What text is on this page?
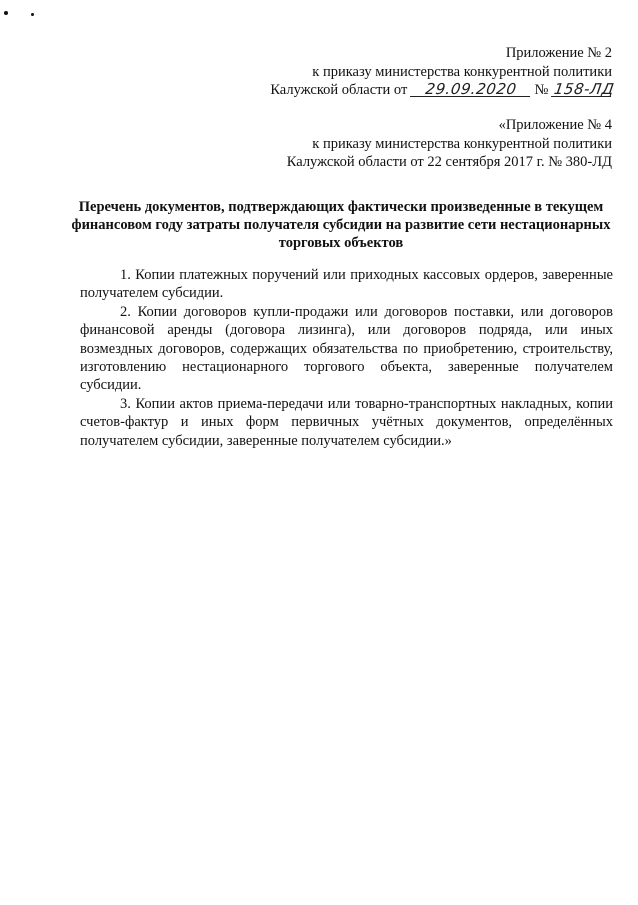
Приложение № 2
к приказу министерства конкурентной политики
Калужской области от 29.09.2020 № 158-ЛД
«Приложение № 4
к приказу министерства конкурентной политики
Калужской области от 22 сентября 2017 г. № 380-ЛД
Перечень документов, подтверждающих фактически произведенные в текущем финансовом году затраты получателя субсидии на развитие сети нестационарных торговых объектов

1. Копии платежных поручений или приходных кассовых ордеров, заверенные получателем субсидии.

2. Копии договоров купли-продажи или договоров поставки, или договоров финансовой аренды (договора лизинга), или договоров подряда, или иных возмездных договоров, содержащих обязательства по приобретению, строительству, изготовлению нестационарного торгового объекта, заверенные получателем субсидии.

3. Копии актов приема-передачи или товарно-транспортных накладных, копии счетов-фактур и иных форм первичных учётных документов, определённых получателем субсидии, заверенные получателем субсидии.»
